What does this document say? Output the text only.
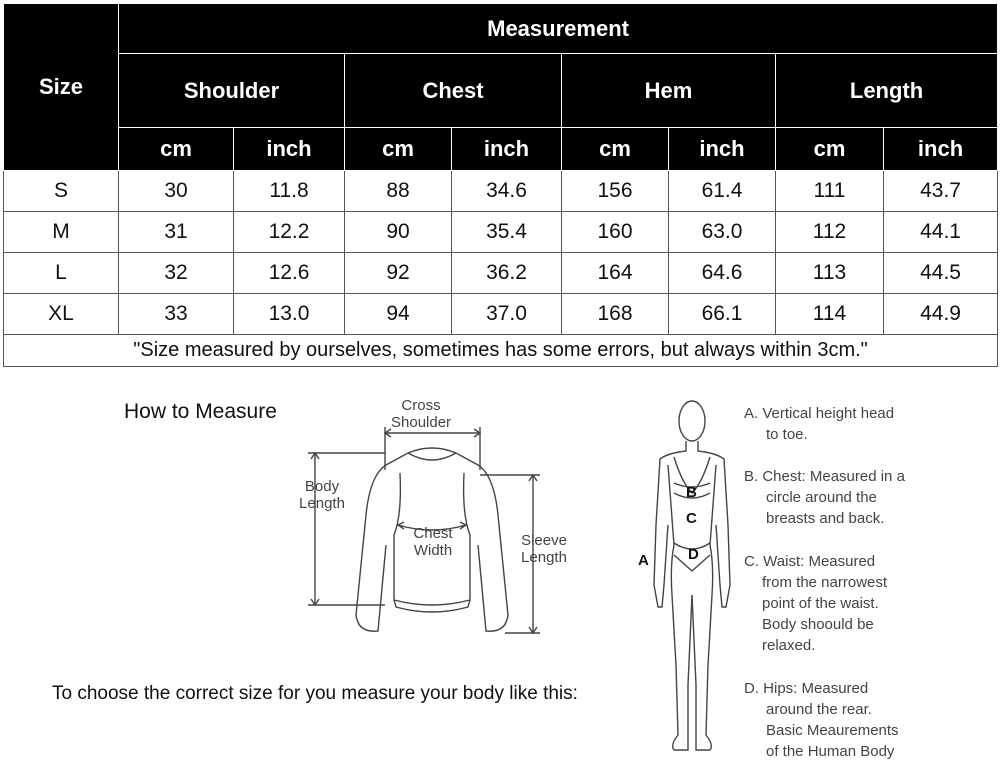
Size	Measurement							
	Shoulder		Chest		Hem		Length	
	cm	inch	cm	inch	cm	inch	cm	inch
S	30	11.8	88	34.6	156	61.4	111	43.7
M	31	12.2	90	35.4	160	63.0	112	44.1
L	32	12.6	92	36.2	164	64.6	113	44.5
XL	33	13.0	94	37.0	168	66.1	114	44.9
"Size measured by ourselves, sometimes has some errors, but always within 3cm."								
How to Measure
To choose the correct size for you measure your body like this:
Cross
Shoulder
Body
Length
Chest
Width
Sleeve
Length
B
C
A	D
A. Vertical height head
to toe.
B. Chest: Measured in a
circle around the
breasts and back.
C. Waist: Measured
from the narrowest
point of the waist.
Body shoould be
relaxed.
D. Hips: Measured
around the rear.
Basic Meaurements
of the Human Body
